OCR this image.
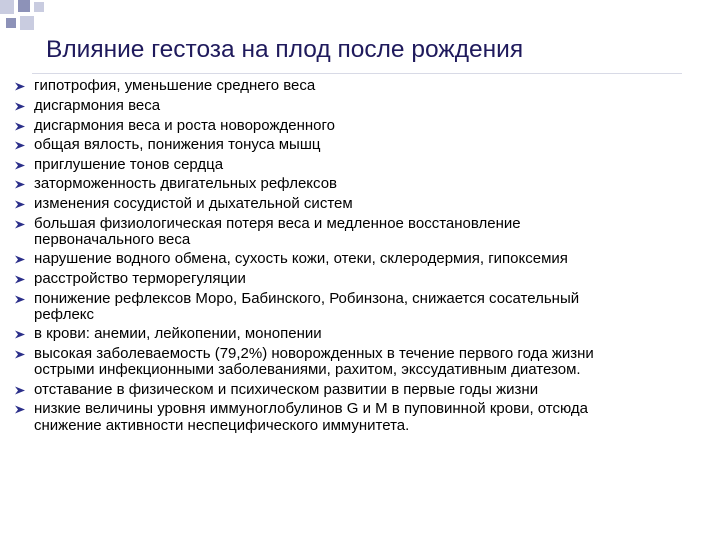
Влияние гестоза на плод после рождения
гипотрофия, уменьшение среднего веса
дисгармония веса
дисгармония веса и роста новорожденного
общая вялость, понижения тонуса мышц
приглушение тонов сердца
заторможенность двигательных рефлексов
изменения сосудистой и дыхательной систем
большая физиологическая потеря веса и медленное восстановление
первоначального веса
нарушение водного обмена, сухость кожи, отеки, склеродермия, гипоксемия
расстройство терморегуляции
понижение рефлексов Моро, Бабинского, Робинзона, снижается сосательный
рефлекс
в крови: анемии, лейкопении, монопении
высокая заболеваемость (79,2%) новорожденных в течение первого года жизни
острыми инфекционными заболеваниями, рахитом, экссудативным диатезом.
отставание в физическом и психическом развитии в первые годы жизни
низкие величины уровня иммуноглобулинов G и M в пуповинной крови, отсюда
снижение активности неспецифического иммунитета.
